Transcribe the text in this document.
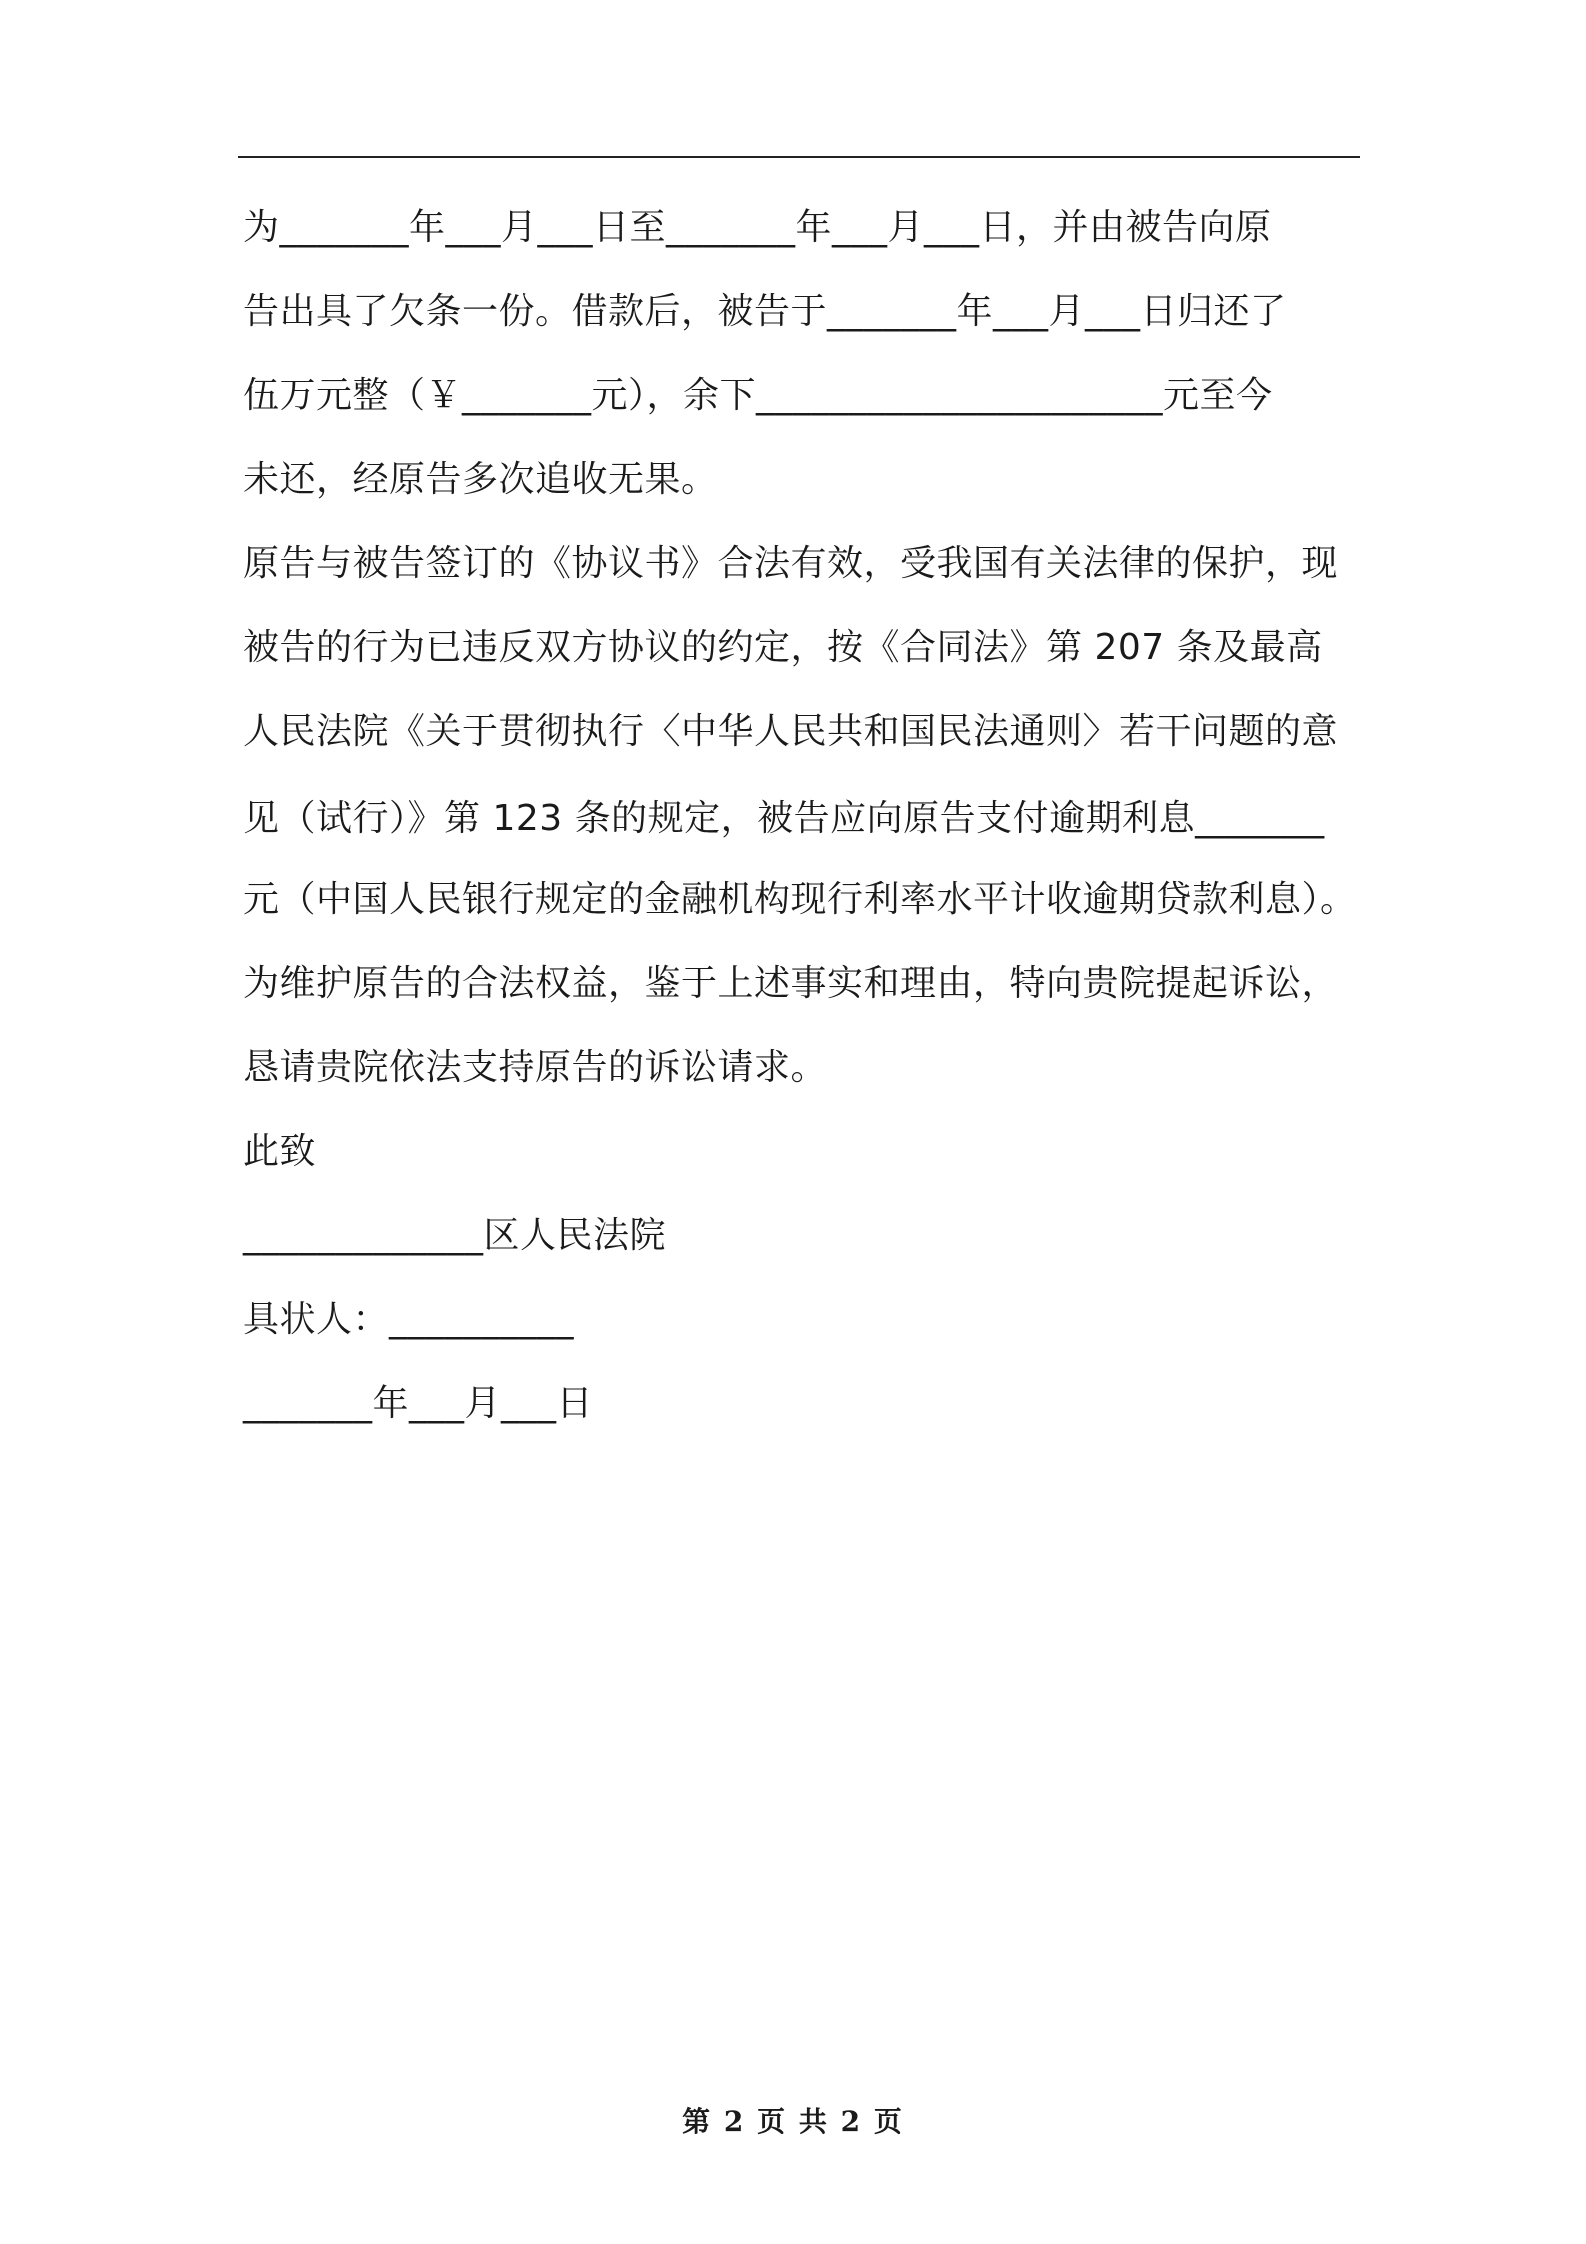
为_______年___月___日至_______年___月___日，并由被告向原
告出具了欠条一份。借款后，被告于_______年___月___日归还了
伍万元整（￥_______元），余下______________________元至今
未还，经原告多次追收无果。
原告与被告签订的《协议书》合法有效，受我国有关法律的保护，现
被告的行为已违反双方协议的约定，按《合同法》第 207 条及最高
人民法院《关于贯彻执行〈中华人民共和国民法通则〉若干问题的意
见（试行）》第 123 条的规定，被告应向原告支付逾期利息_______
元（中国人民银行规定的金融机构现行利率水平计收逾期贷款利息）。
为维护原告的合法权益，鉴于上述事实和理由，特向贵院提起诉讼，
恳请贵院依法支持原告的诉讼请求。
此致
_____________区人民法院
具状人：__________
_______年___月___日
第 2 页 共 2 页
